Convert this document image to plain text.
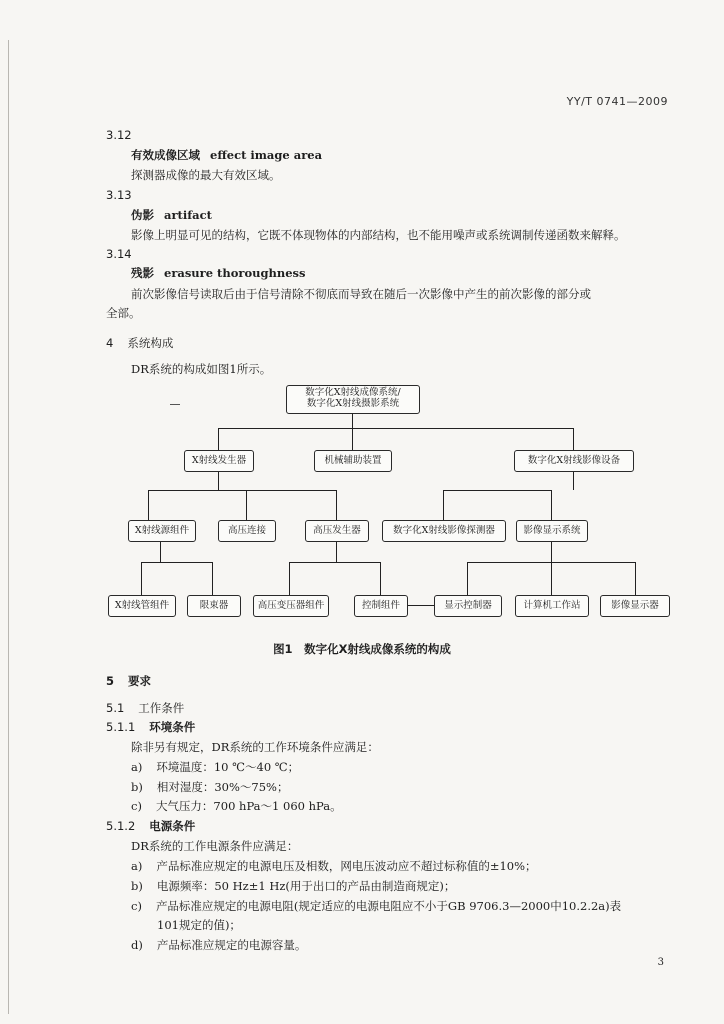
YY/T 0741—2009
3.12
有效成像区域 effect image area
探测器成像的最大有效区域。
3.13
伪影 artifact
影像上明显可见的结构，它既不体现物体的内部结构，也不能用噪声或系统调制传递函数来解释。
3.14
残影 erasure thoroughness
前次影像信号读取后由于信号清除不彻底而导致在随后一次影像中产生的前次影像的部分或
全部。
4 系统构成
DR系统的构成如图1所示。
数字化X射线成像系统/
数字化X射线摄影系统
X射线发生器	机械辅助装置	数字化X射线影像设备
X射线源组件	高压连接	高压发生器	数字化X射线影像探测器	影像显示系统
X射线管组件	限束器	高压变压器组件	控制组件	显示控制器	计算机工作站	影像显示器
图1　数字化X射线成像系统的构成
5 要求
5.1 工作条件
5.1.1 环境条件
除非另有规定，DR系统的工作环境条件应满足：
a) 环境温度：10 ℃～40 ℃；
b) 相对湿度：30%～75%；
c) 大气压力：700 hPa～1 060 hPa。
5.1.2 电源条件
DR系统的工作电源条件应满足：
a) 产品标准应规定的电源电压及相数，网电压波动应不超过标称值的±10%；
b) 电源频率：50 Hz±1 Hz(用于出口的产品由制造商规定)；
c) 产品标准应规定的电源电阻(规定适应的电源电阻应不小于GB 9706.3—2000中10.2.2a)表
101规定的值)；
d) 产品标准应规定的电源容量。
3
